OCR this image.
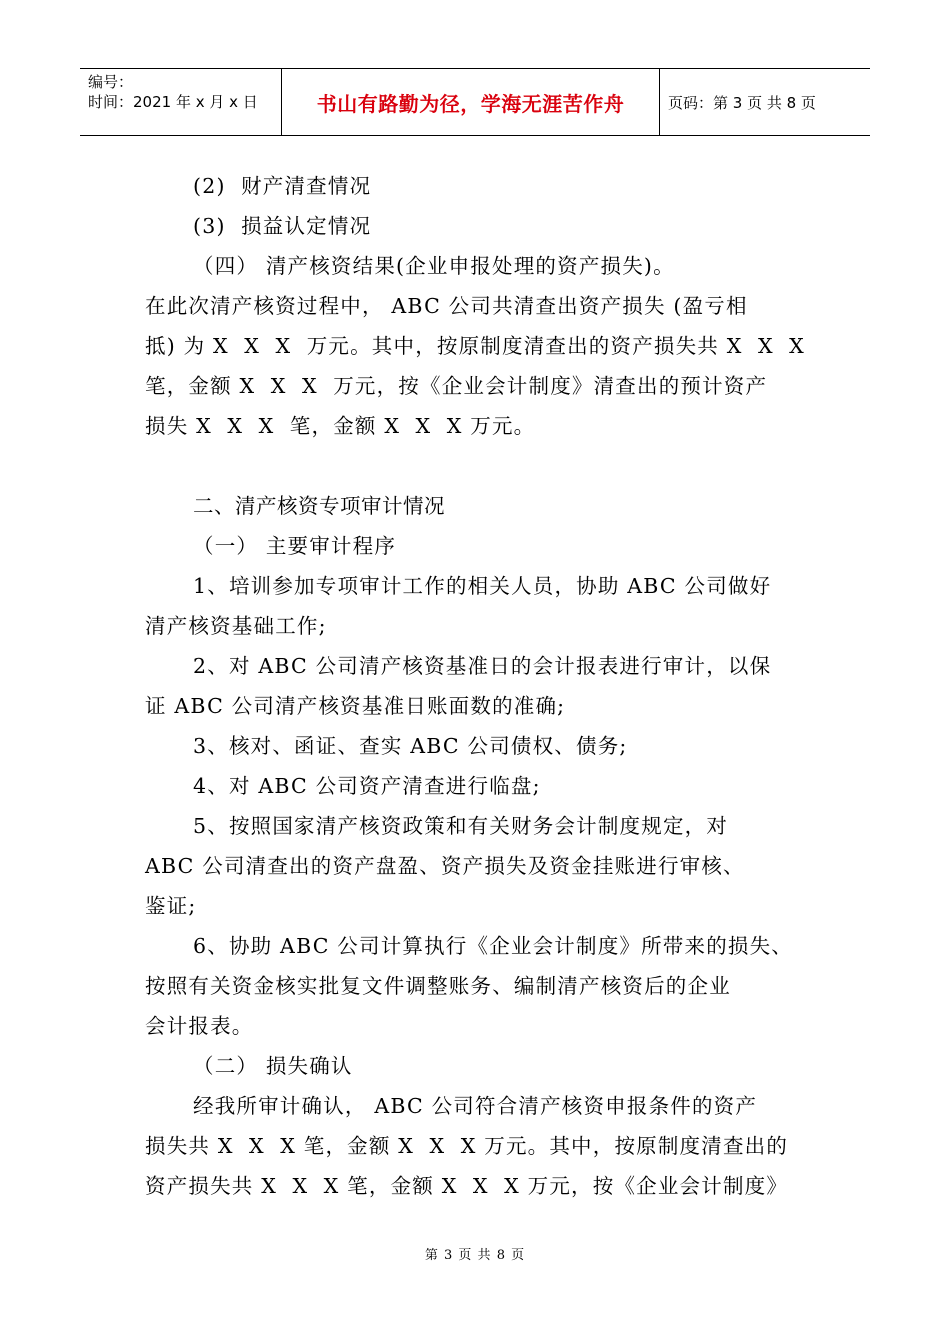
编号：
时间：2021 年 x 月 x 日	书山有路勤为径，学海无涯苦作舟	页码：第 3 页 共 8 页

(2)  财产清查情况

(3)  损益认定情况

（四） 清产核资结果(企业申报处理的资产损失)。

在此次清产核资过程中， ABC 公司共清查出资产损失 (盈亏相

抵) 为 X  X  X  万元。其中，按原制度清查出的资产损失共 X  X  X

笔，金额 X  X  X  万元，按《企业会计制度》清查出的预计资产

损失 X  X  X  笔，金额 X  X  X 万元。

二、清产核资专项审计情况

（一） 主要审计程序

1、培训参加专项审计工作的相关人员，协助 ABC 公司做好

清产核资基础工作;

2、对 ABC 公司清产核资基准日的会计报表进行审计，以保

证 ABC 公司清产核资基准日账面数的准确;

3、核对、函证、查实 ABC 公司债权、债务;

4、对 ABC 公司资产清查进行临盘;

5、按照国家清产核资政策和有关财务会计制度规定，对

ABC 公司清查出的资产盘盈、资产损失及资金挂账进行审核、

鉴证;

6、协助 ABC 公司计算执行《企业会计制度》所带来的损失、

按照有关资金核实批复文件调整账务、编制清产核资后的企业

会计报表。

（二） 损失确认

经我所审计确认， ABC 公司符合清产核资申报条件的资产

损失共 X  X  X 笔，金额 X  X  X 万元。其中，按原制度清查出的

资产损失共 X  X  X 笔，金额 X  X  X 万元，按《企业会计制度》

第 3 页 共 8 页
